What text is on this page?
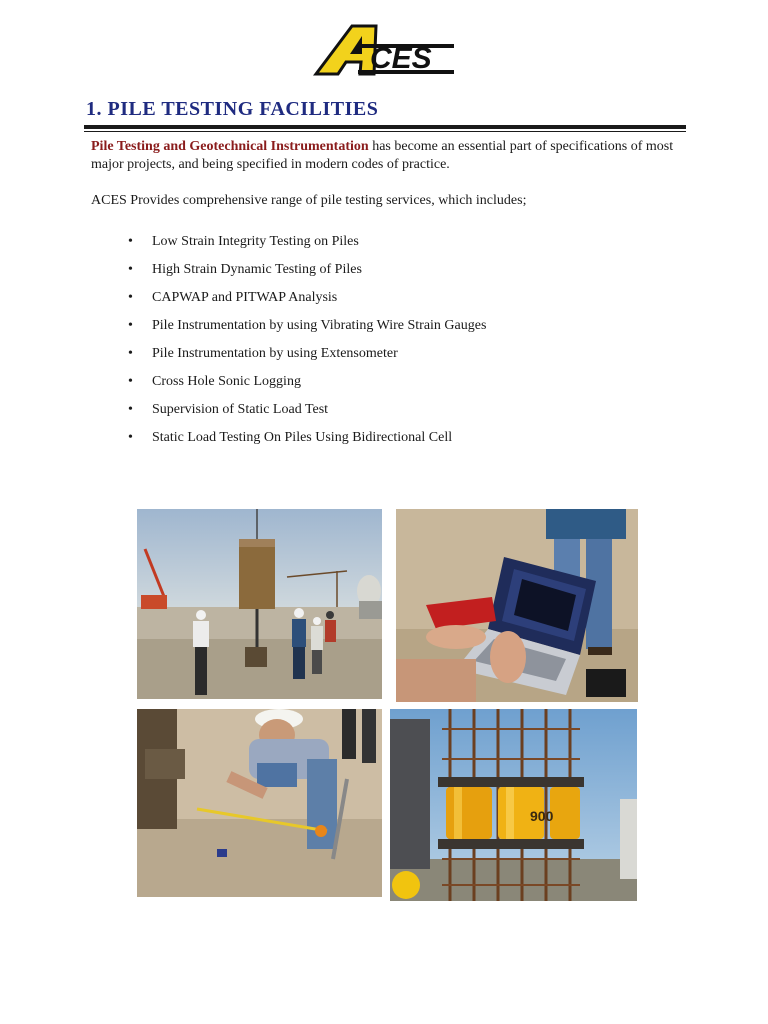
CES
1. PILE TESTING FACILITIES

Pile Testing and Geotechnical Instrumentation has become an essential part of specifications of most major projects, and being specified in modern codes of practice.

ACES Provides comprehensive range of pile testing services, which includes;

• Low Strain Integrity Testing on Piles
• High Strain Dynamic Testing of Piles
• CAPWAP and PITWAP Analysis
• Pile Instrumentation by using Vibrating Wire Strain Gauges
• Pile Instrumentation by using Extensometer
• Cross Hole Sonic Logging
• Supervision of Static Load Test
• Static Load Testing On Piles Using Bidirectional Cell
900
